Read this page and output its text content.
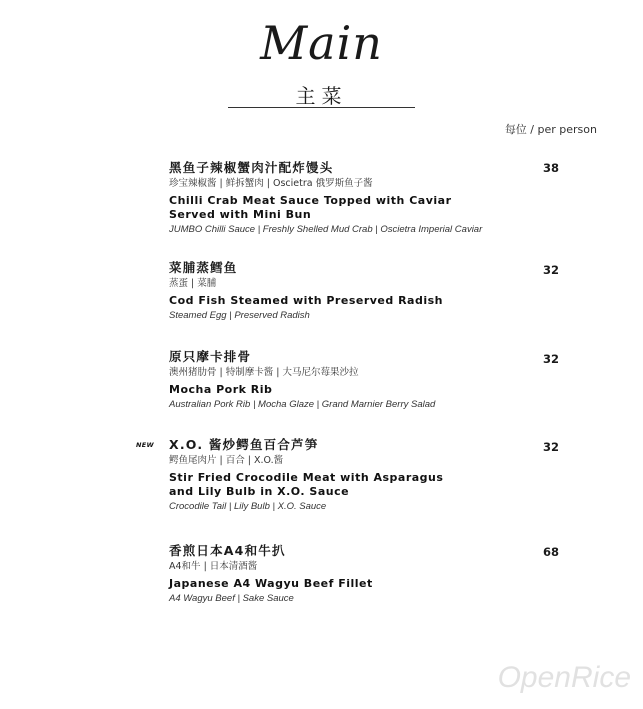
Main
主菜
每位 / per person
黑鱼子辣椒蟹肉汁配炸馒头
珍宝辣椒酱 | 鲜拆蟹肉 | Oscietra 俄罗斯鱼子酱
Chilli Crab Meat Sauce Topped with Caviar
Served with Mini Bun
JUMBO Chilli Sauce | Freshly Shelled Mud Crab | Oscietra Imperial Caviar
38
菜脯蒸鳕鱼
蒸蛋 | 菜脯
Cod Fish Steamed with Preserved Radish
Steamed Egg | Preserved Radish
32
原只摩卡排骨
澳州猪肋骨 | 特制摩卡酱 | 大马尼尔莓果沙拉
Mocha Pork Rib
Australian Pork Rib | Mocha Glaze | Grand Marnier Berry Salad
32
NEW X.O. 酱炒鳄鱼百合芦笋
鳄鱼尾肉片 | 百合 | X.O.酱
Stir Fried Crocodile Meat with Asparagus
and Lily Bulb in X.O. Sauce
Crocodile Tail | Lily Bulb | X.O. Sauce
32
香煎日本A4和牛扒
A4和牛 | 日本清酒酱
Japanese A4 Wagyu Beef Fillet
A4 Wagyu Beef | Sake Sauce
68
OpenRice
